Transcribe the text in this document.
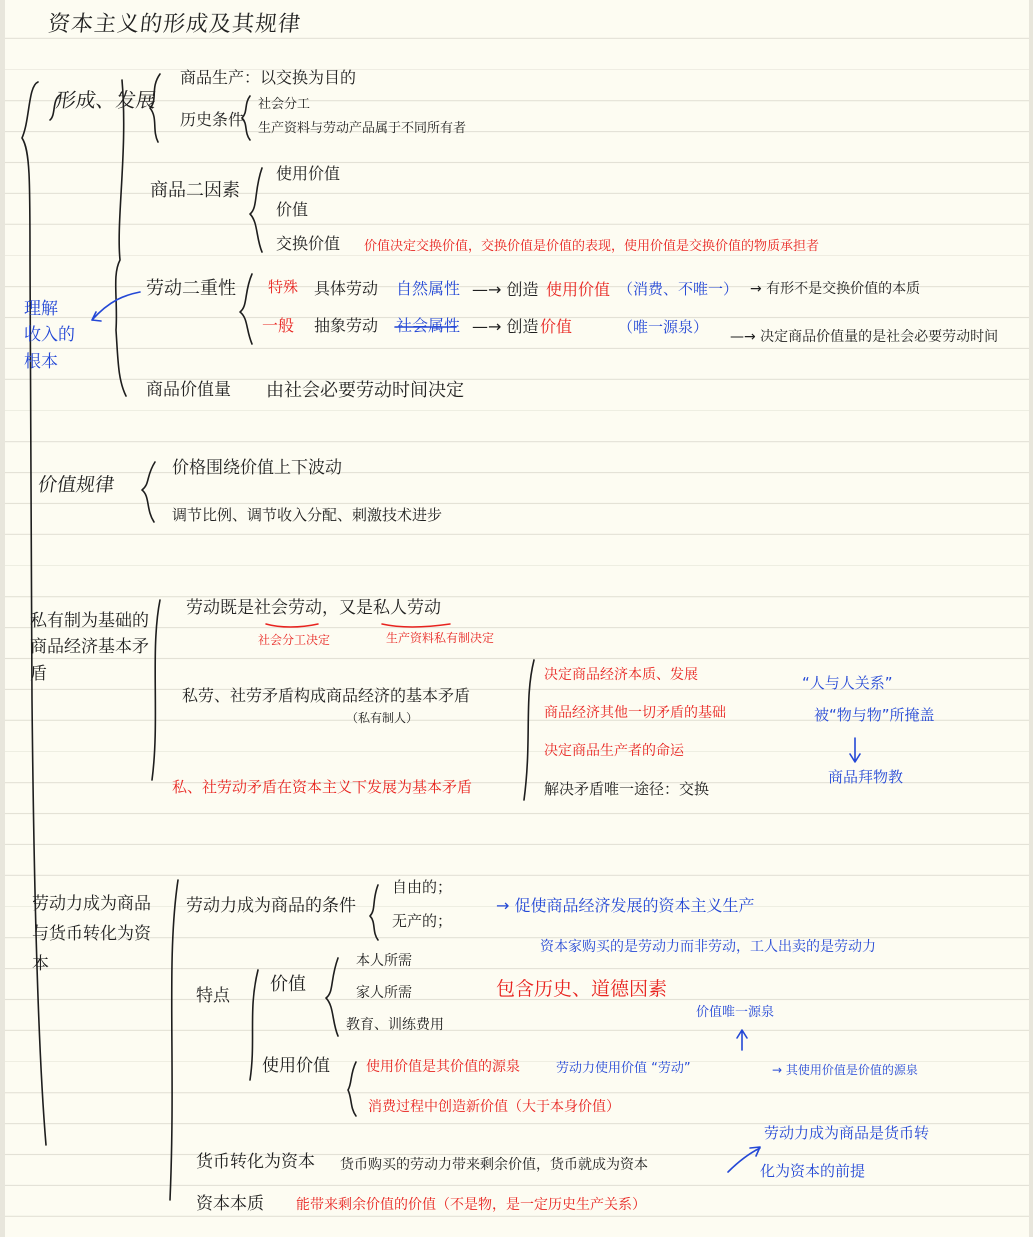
资本主义的形成及其规律
形成、发展
商品生产：以交换为目的
历史条件
社会分工
生产资料与劳动产品属于不同所有者
商品二因素
使用价值
价值
交换价值 价值决定交换价值，交换价值是价值的表现，使用价值是交换价值的物质承担者
理解
收入的
根本
劳动二重性 特殊 具体劳动 自然属性 —→ 创造 使用价值 （消费、不唯一） → 有形不是交换价值的本质
一般 抽象劳动 社会属性 —→ 创造 价值	（唯一源泉）
—→ 决定商品价值量的是社会必要劳动时间
商品价值量 由社会必要劳动时间决定
价值规律
价格围绕价值上下波动
调节比例、调节收入分配、刺激技术进步
私有制为基础的商品经济基本矛盾
劳动既是社会劳动，又是私人劳动
社会分工决定	生产资料私有制决定
私劳、社劳矛盾构成商品经济的基本矛盾
（私有制人）
决定商品经济本质、发展
商品经济其他一切矛盾的基础
决定商品生产者的命运
解决矛盾唯一途径：交换
私、社劳动矛盾在资本主义下发展为基本矛盾
“人与人关系”
被“物与物”所掩盖
商品拜物教
劳动力成为商品与货币转化为资本
劳动力成为商品的条件
自由的；
无产的；
→ 促使商品经济发展的资本主义生产
资本家购买的是劳动力而非劳动，工人出卖的是劳动力
特点
价值
本人所需
家人所需
教育、训练费用
包含历史、道德因素
价值唯一源泉
使用价值	使用价值是其价值的源泉	劳动力使用价值 “劳动”	→ 其使用价值是价值的源泉
消费过程中创造新价值（大于本身价值）
货币转化为资本 货币购买的劳动力带来剩余价值，货币就成为资本
资本本质 能带来剩余价值的价值（不是物，是一定历史生产关系）
劳动力成为商品是货币转
化为资本的前提
